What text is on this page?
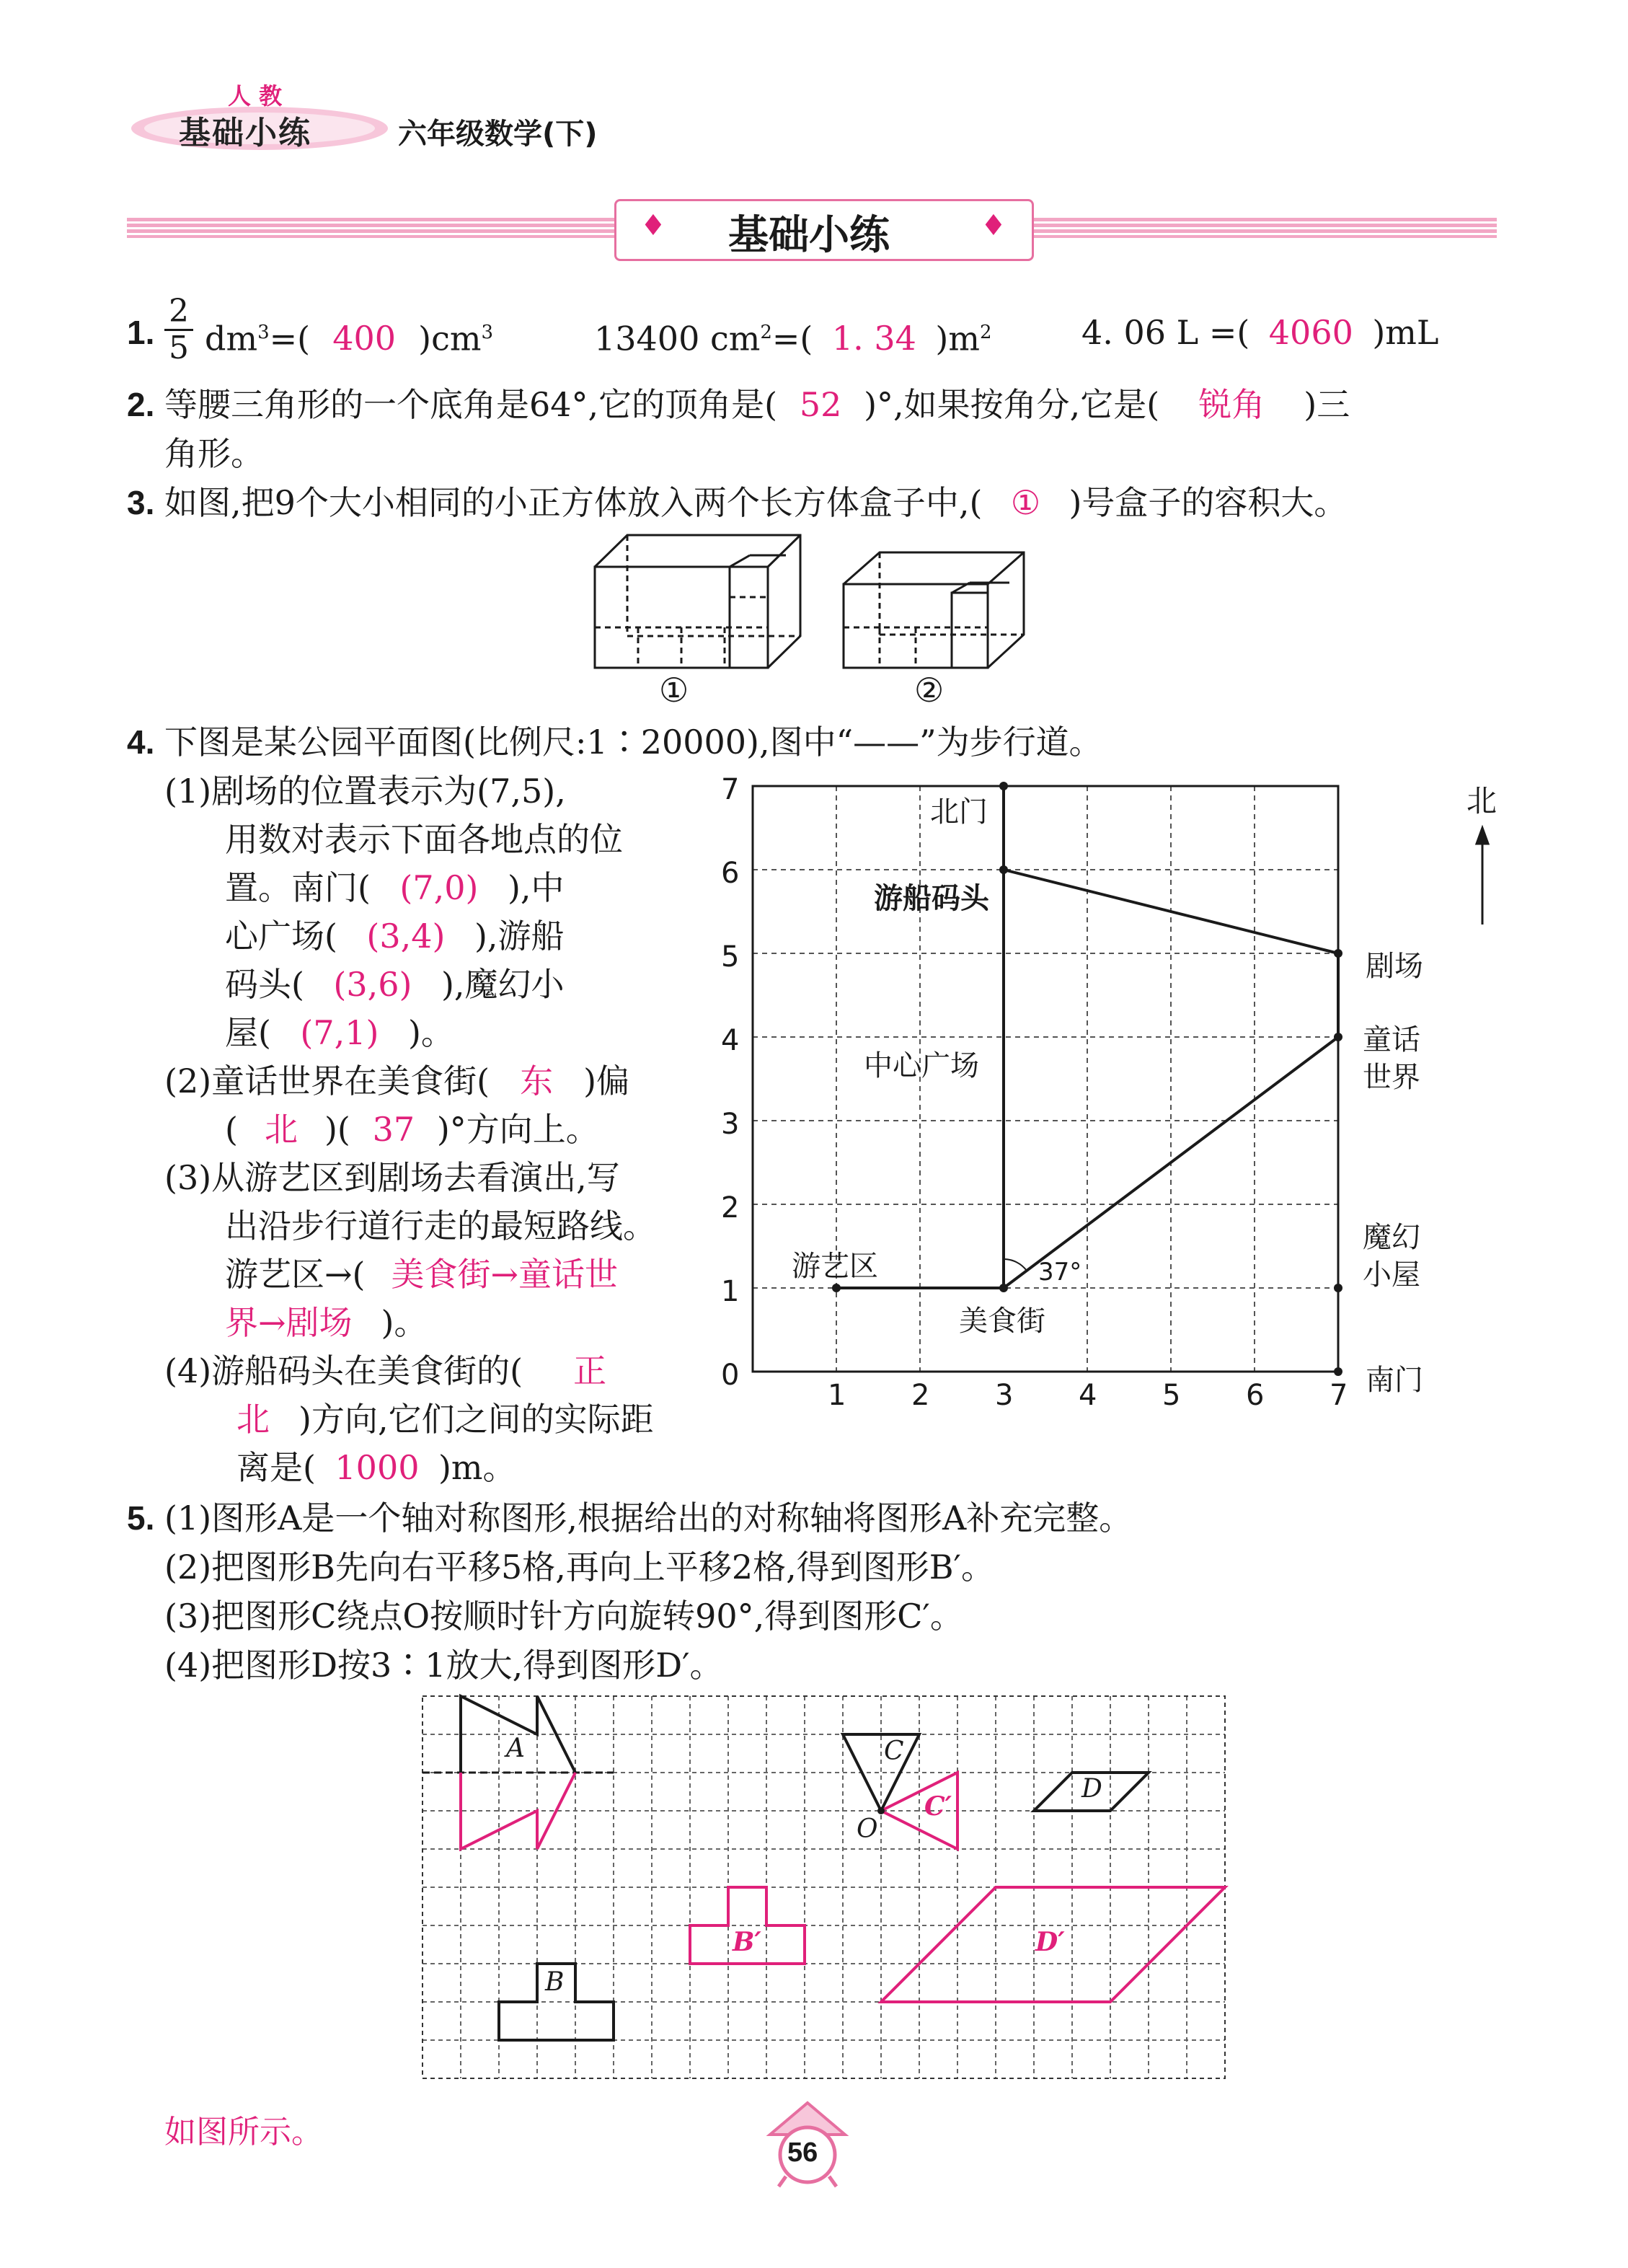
人 教
基础小练	六年级数学(下)
♦	♦
基础小练
1. $\frac{2}{5} dm^3=$( 400 )$cm^3$	13400 $cm^2=$( 1. 34 )$m^2$	4. 06 L =( 4060 )mL
2. 等腰三角形的一个底角是64°,它的顶角是( 52 )°,如果按角分,它是( 锐角 )三
角形。
3. 如图,把9个大小相同的小正方体放入两个长方体盒子中,( ① )号盒子的容积大。
①	②
4. 下图是某公园平面图(比例尺:1∶20000),图中“——”为步行道。
(1)剧场的位置表示为(7,5),
用数对表示下面各地点的位
置。南门( (7,0) ),中
心广场( (3,4) ),游船
码头( (3,6) ),魔幻小
屋( (7,1) )。
(2)童话世界在美食街( 东 )偏
( 北 )( 37 )°方向上。
(3)从游艺区到剧场去看演出,写
出沿步行道行走的最短路线。
游艺区→( 美食街→童话世
界→剧场 )。
(4)游船码头在美食街的( 正
北 )方向,它们之间的实际距
离是( 1000 )m。
0
1 2 3 4 5 6 7
1
2
3
4
5
6
7	北
北门
游船码头
剧场
童话
世界
中心广场
魔幻
小屋
游艺区
美食街
南门
37°
5. (1)图形A是一个轴对称图形,根据给出的对称轴将图形A补充完整。
(2)把图形B先向右平移5格,再向上平移2格,得到图形B′。
(3)把图形C绕点O按顺时针方向旋转90°,得到图形C′。
(4)把图形D按3∶1放大,得到图形D′。
A
B
B′
C
C′
O
D
D′
如图所示。
56
